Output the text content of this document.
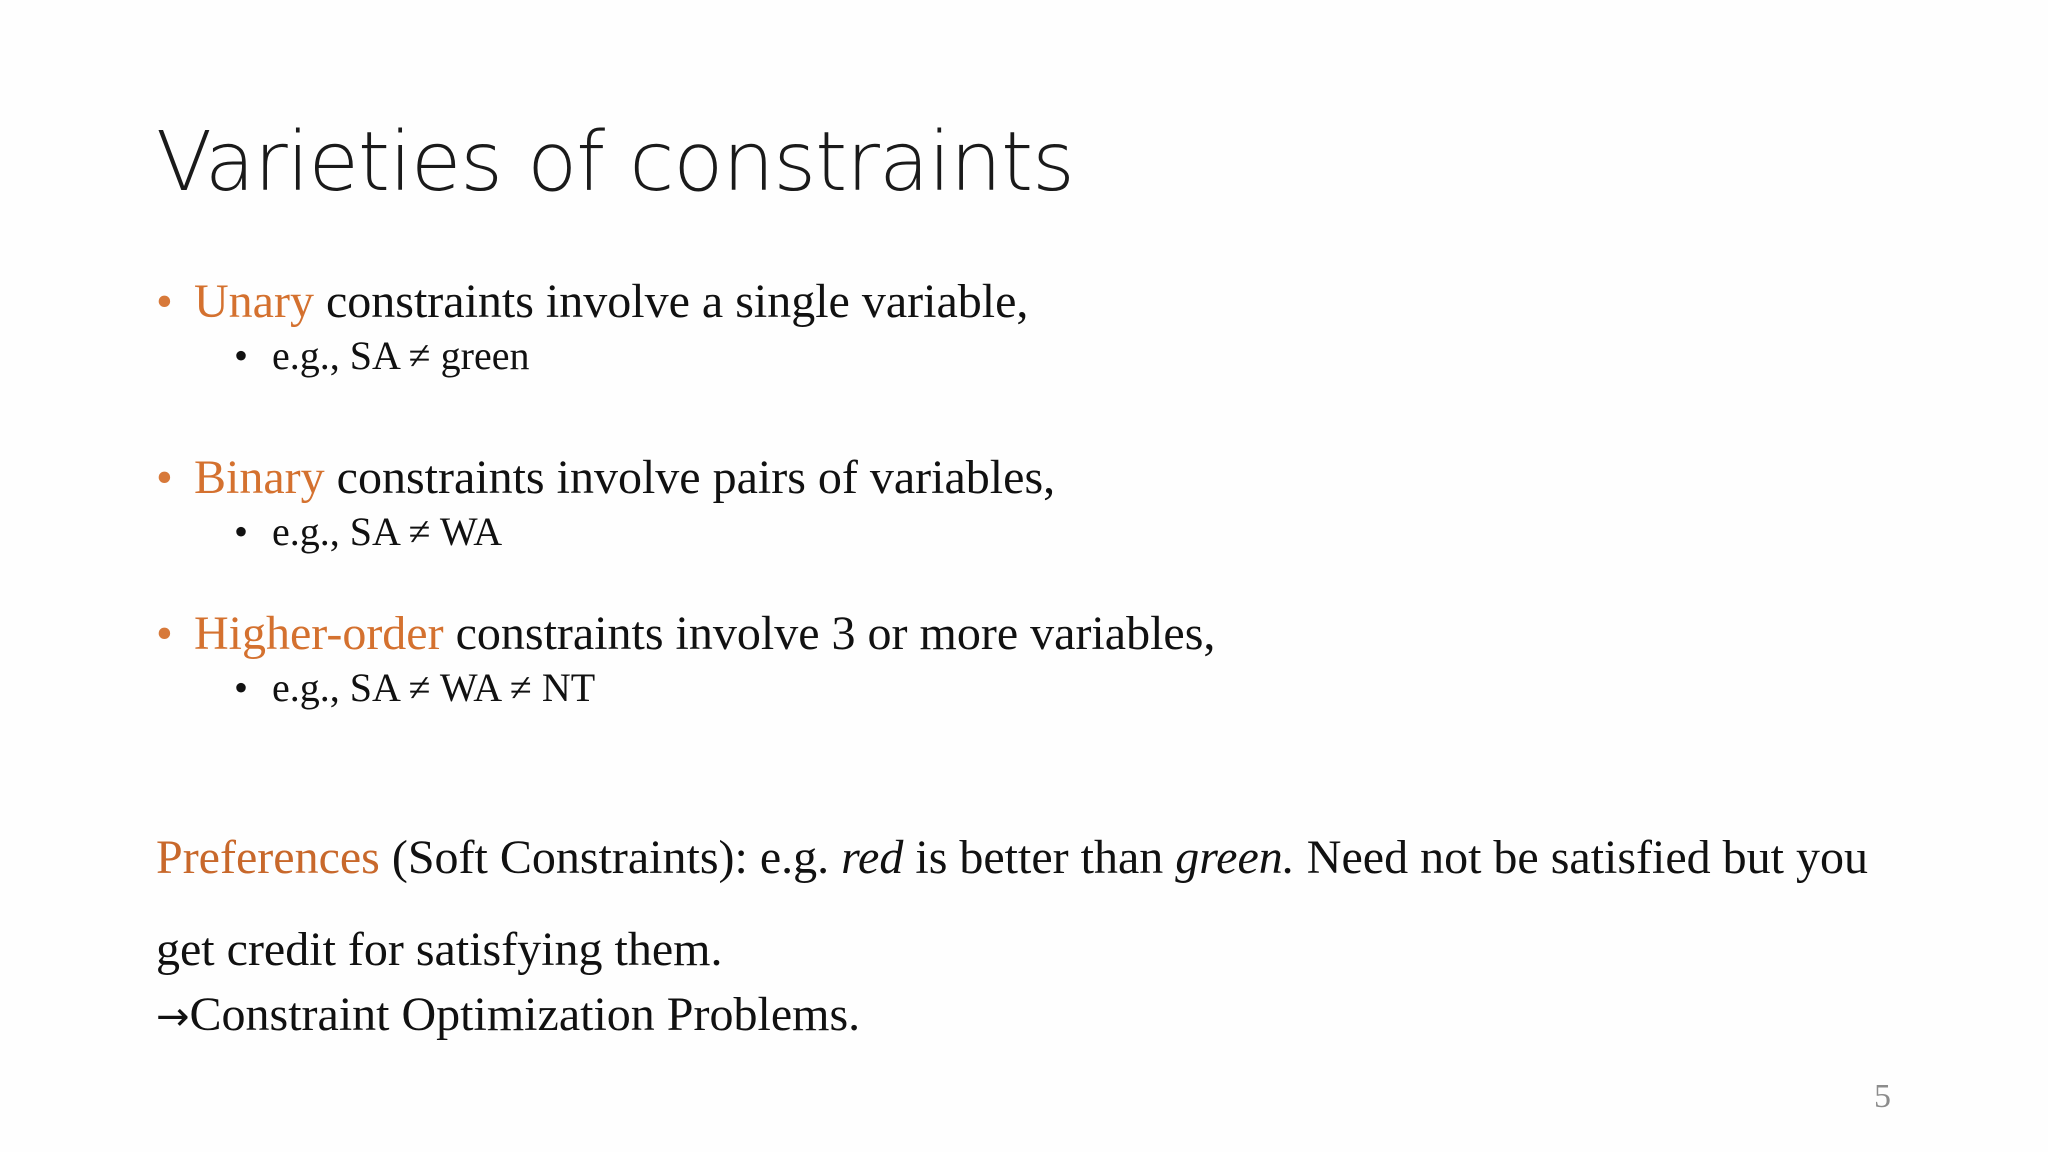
Varieties of constraints
• Unary constraints involve a single variable,
• e.g., SA ≠ green
• Binary constraints involve pairs of variables,
• e.g., SA ≠ WA
• Higher-order constraints involve 3 or more variables,
• e.g., SA ≠ WA ≠ NT
Preferences (Soft Constraints): e.g. red is better than green. Need not be satisfied but you get credit for satisfying them.
→Constraint Optimization Problems.
5
